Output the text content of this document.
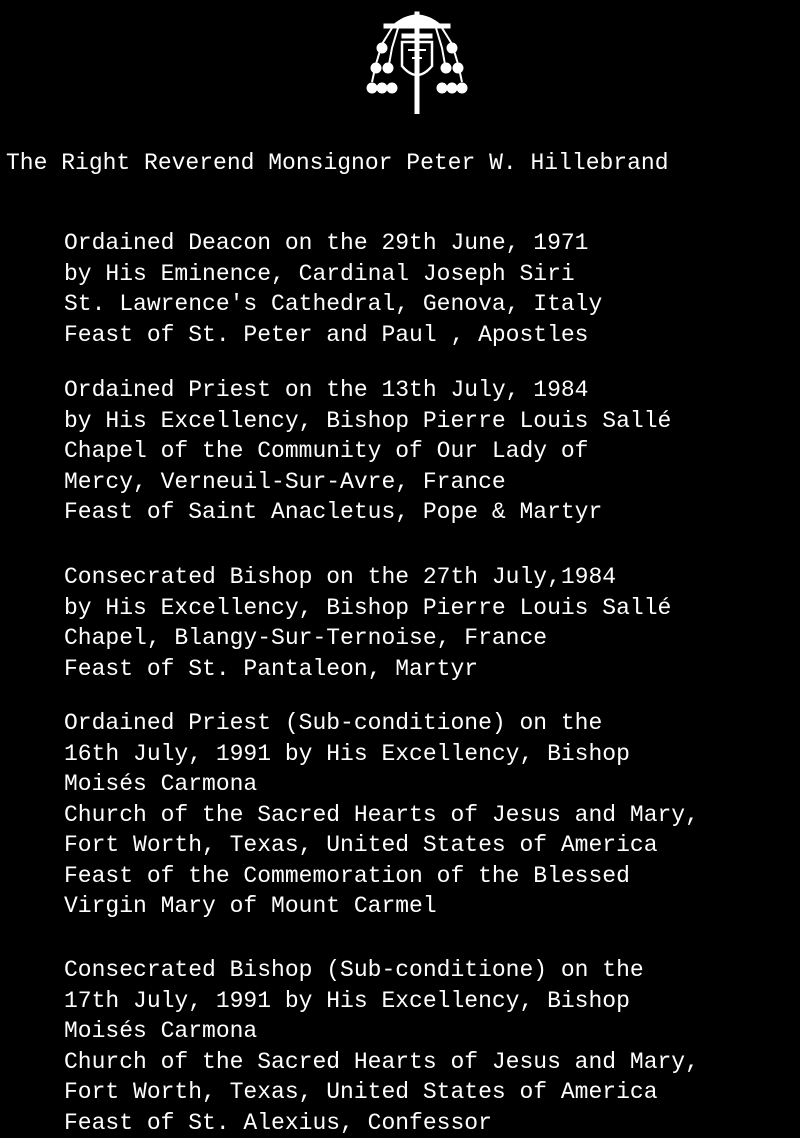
The Right Reverend Monsignor Peter W. Hillebrand
Ordained Deacon on the 29th June, 1971
by His Eminence, Cardinal Joseph Siri
St. Lawrence's Cathedral, Genova, Italy
Feast of St. Peter and Paul , Apostles
Ordained Priest on the 13th July, 1984
by His Excellency, Bishop Pierre Louis Sallé
Chapel of the Community of Our Lady of
Mercy, Verneuil-Sur-Avre, France
Feast of Saint Anacletus, Pope & Martyr
Consecrated Bishop on the 27th July,1984
by His Excellency, Bishop Pierre Louis Sallé
Chapel, Blangy-Sur-Ternoise, France
Feast of St. Pantaleon, Martyr
Ordained Priest (Sub-conditione) on the
16th July, 1991 by His Excellency, Bishop
Moisés Carmona
Church of the Sacred Hearts of Jesus and Mary,
Fort Worth, Texas, United States of America
Feast of the Commemoration of the Blessed
Virgin Mary of Mount Carmel
Consecrated Bishop (Sub-conditione) on the
17th July, 1991 by His Excellency, Bishop
Moisés Carmona
Church of the Sacred Hearts of Jesus and Mary,
Fort Worth, Texas, United States of America
Feast of St. Alexius, Confessor
